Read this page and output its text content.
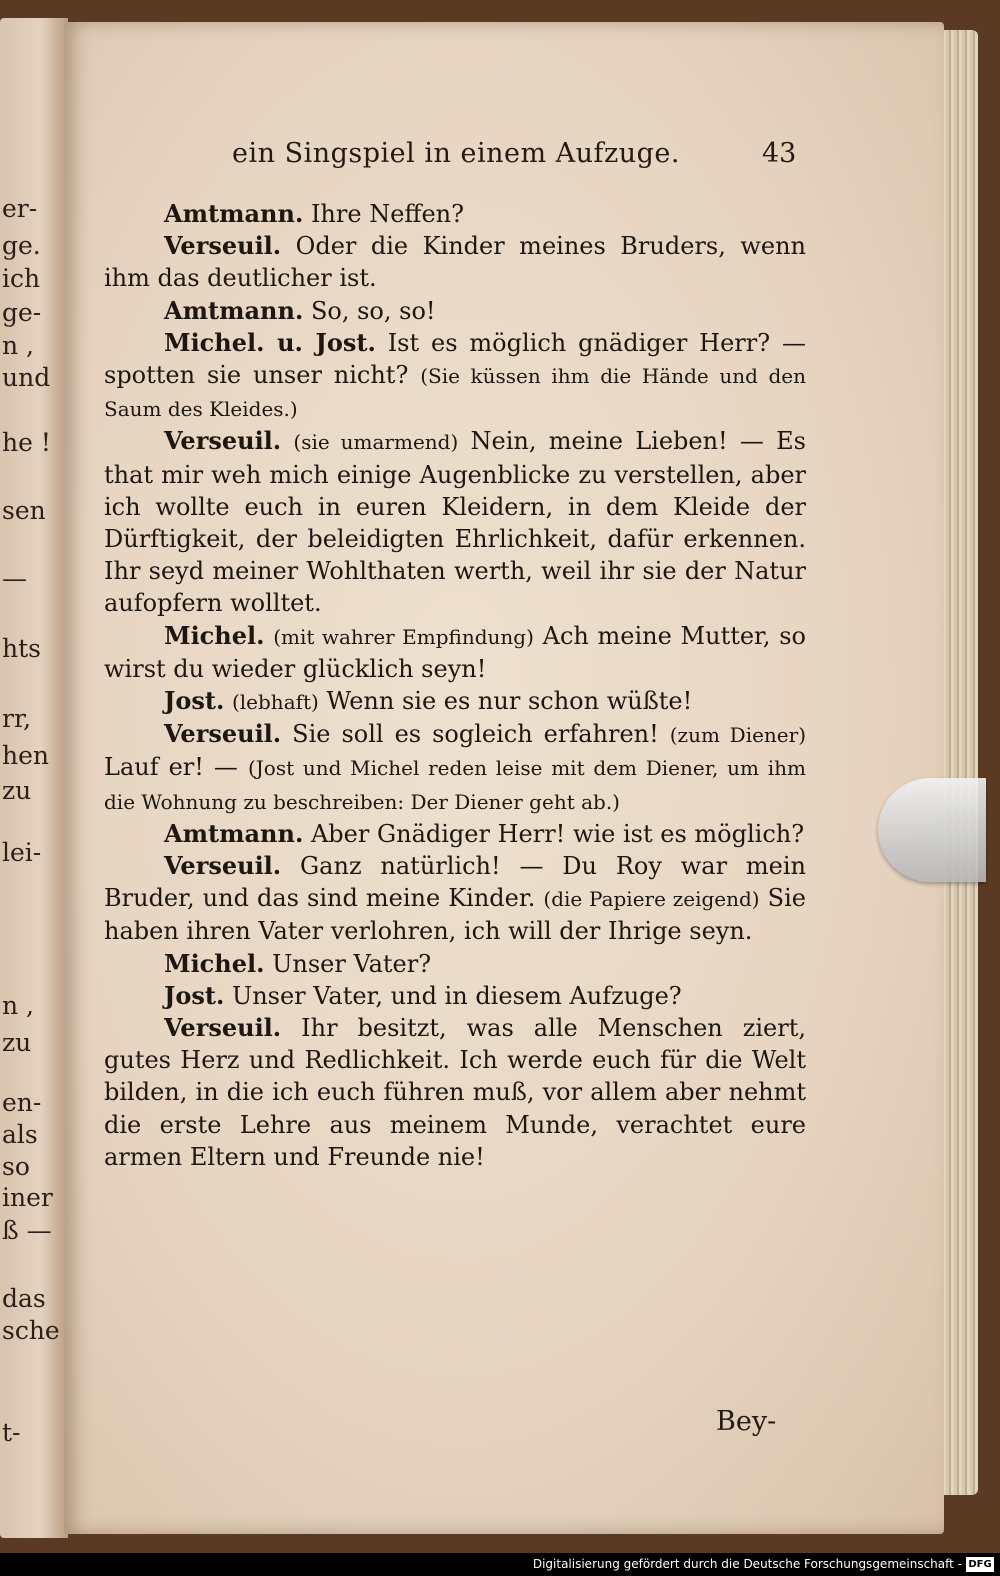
er-
ge.
ich
ge-
n ,
und
he !
sen
—
hts
rr,
hen
zu
lei-
n ,
zu
en-
als
so
iner
ß —
das
sche
t-
ein Singspiel in einem Aufzuge.	43

Amtmann. Ihre Neffen?

Verseuil. Oder die Kinder meines Bruders, wenn ihm das deutlicher ist.

Amtmann. So, so, so!

Michel. u. Jost. Ist es möglich gnädiger Herr? — spotten sie unser nicht? (Sie küssen ihm die Hände und den Saum des Kleides.)

Verseuil. (sie umarmend) Nein, meine Lieben! — Es that mir weh mich einige Augenblicke zu verstellen, aber ich wollte euch in euren Kleidern, in dem Kleide der Dürftigkeit, der beleidigten Ehrlichkeit, dafür erkennen. Ihr seyd meiner Wohlthaten werth, weil ihr sie der Natur aufopfern wolltet.

Michel. (mit wahrer Empfindung) Ach meine Mutter, so wirst du wieder glücklich seyn!

Jost. (lebhaft) Wenn sie es nur schon wüßte!

Verseuil. Sie soll es sogleich erfahren! (zum Diener) Lauf er! — (Jost und Michel reden leise mit dem Diener, um ihm die Wohnung zu beschreiben: Der Diener geht ab.)

Amtmann. Aber Gnädiger Herr! wie ist es möglich?

Verseuil. Ganz natürlich! — Du Roy war mein Bruder, und das sind meine Kinder. (die Papiere zeigend) Sie haben ihren Vater verlohren, ich will der Ihrige seyn.

Michel. Unser Vater?

Jost. Unser Vater, und in diesem Aufzuge?

Verseuil. Ihr besitzt, was alle Menschen ziert, gutes Herz und Redlichkeit. Ich werde euch für die Welt bilden, in die ich euch führen muß, vor allem aber nehmt die erste Lehre aus meinem Munde, verachtet eure armen Eltern und Freunde nie!

Bey-
Digitalisierung gefördert durch die Deutsche Forschungsgemeinschaft - DFG
